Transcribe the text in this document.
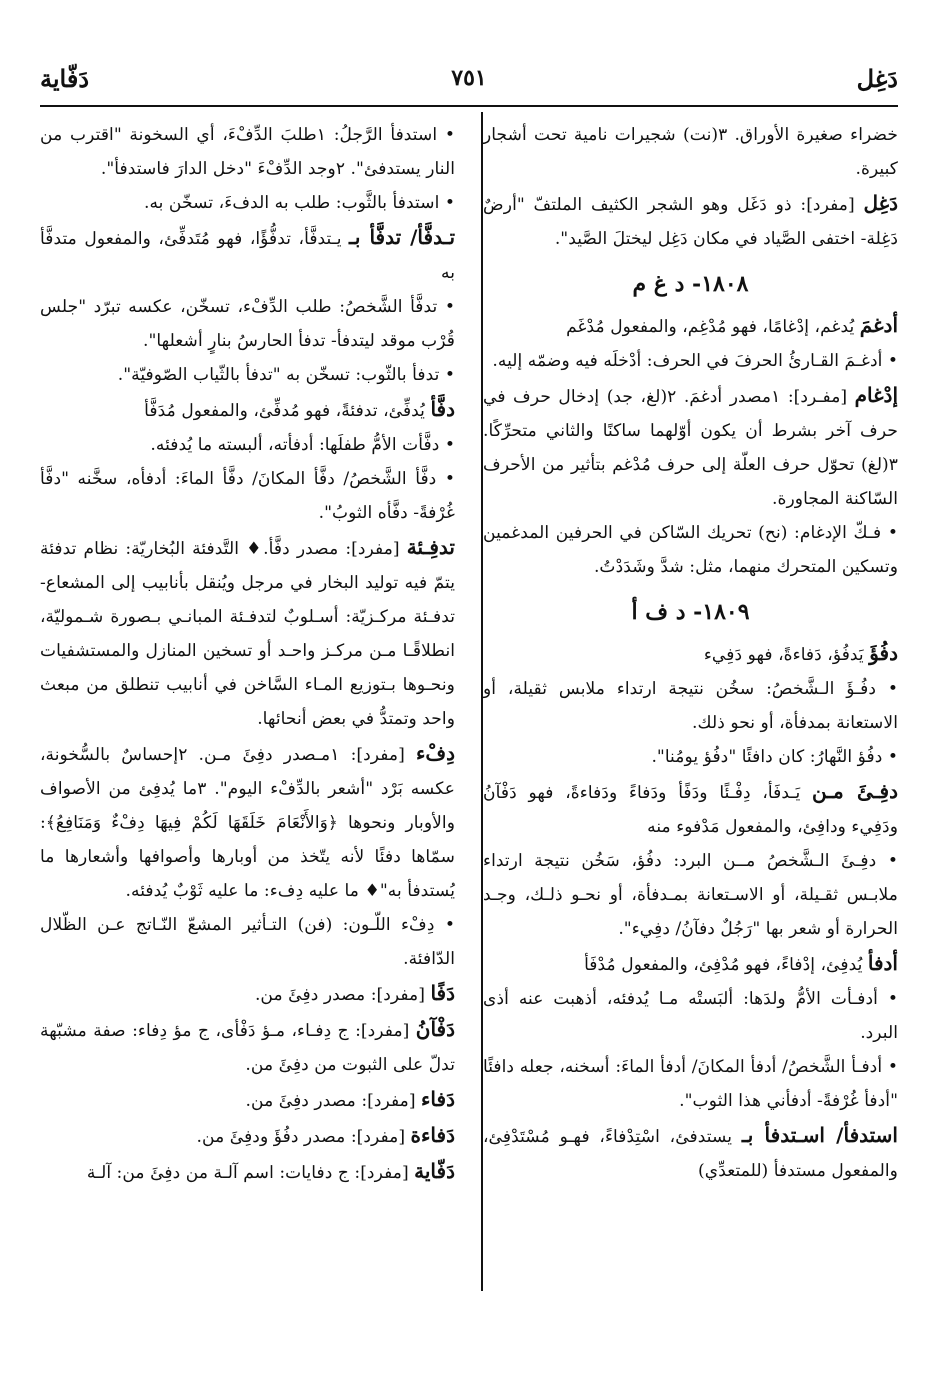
دَغِل
٧٥١
دَفّاية

خضراء صغيرة الأوراق. ٣(نت) شجيرات نامية تحت أشجار كبيرة.

دَغِل [مفرد]: ذو دَغَل وهو الشجر الكثيف الملتفّ "أرضٌ دَغِلة- اختفى الصَّياد في مكان دَغِل ليختلَ الصَّيد".

١٨٠٨- د غ م

أدغمَ يُدغم، إدْغامًا، فهو مُدْغِم، والمفعول مُدْغَم

• أدغـمَ القـارئُ الحرفَ في الحرف: أدْخلَه فيه وضمّه إليه.

إدْغام [مفـرد]: ١مصدر أدغمَ. ٢(لغ، جد) إدخال حرف في حرف آخر بشرط أن يكون أوّلهما ساكنًا والثاني متحرِّكًا. ٣(لغ) تحوّل حرف العلّة إلى حرف مُدْغم بتأثير من الأحرف السّاكنة المجاورة.

• فـكّ الإدغام: (نح) تحريك السّاكن في الحرفين المدغمين وتسكين المتحرك منهما، مثل: شدَّ وشَدَدْتُ.

١٨٠٩- د ف أ

دفُؤَ يَدفُؤ، دَفاءةً، فهو دَفِيء

• دفُـؤَ الـشَّخصُ: سخُن نتيجة ارتداء ملابس ثقيلة، أو الاستعانة بمدفأة، أو نحو ذلك.

• دفُؤ النَّهارُ: كان دافئًا "دفُؤ يومُنا".

دفِـئَ مـن يَـدفَأ، دِفْـئًا ودَفًأ ودَفاءً ودَفاءةً، فهو دَفْآنُ ودَفِيء ودافِئ، والمفعول مَدْفوء منه

• دفِـئَ الـشَّخصُ مــن البرد: دفُؤ، سَخُن نتيجة ارتداء ملابـس ثقـيلة، أو الاسـتعانة بمـدفأة، أو نحـو ذلـك، وجـد الحرارة أو شعر بها "رَجُلٌ دفآنُ/ دفِيء".

أدفأ يُدفِئ، إدْفاءً، فهو مُدْفِئ، والمفعول مُدْفَأ

• أدفـأت الأمُّ ولدَها: ألبَستْه مـا يُدفئه، أذهبت عنه أذى البرد.

• أدفـأ الشَّخصُ/ أدفأ المكانَ/ أدفأ الماءَ: أسخنه، جعله دافئًا "أدفأ غُرْفةً- أدفأني هذا الثوب".

استدفأ/ اسـتدفأ بـ يستدفئ، اسْتِدْفاءً، فهـو مُسْتَدْفِئ، والمفعول مستدفأ (للمتعدِّي)

• استدفأ الرَّجلُ: ١طلبَ الدِّفْءَ، أي السخونة "اقترب من النار يستدفئ". ٢وجد الدِّفْءَ "دخل الدارَ فاستدفأ".

• استدفأ بالثَّوب: طلب به الدفءَ، تسخّن به.

تـدفَّأ/ تدفَّأ بـ يـتدفَّأ، تدفُّؤًا، فهو مُتَدفِّئ، والمفعول متدفَّأ به

• تدفَّأ الشَّخصُ: طلب الدِّفْء، تسخّن، عكسه تبرّد "جلس قُرْب موقد ليتدفأ- تدفأ الحارسُ بنارٍ أشعلها".

• تدفأ بالثّوب: تسخّن به "تدفأ بالثّياب الصّوفيّة".

دفَّأ يُدفِّئ، تدفئةً، فهو مُدفِّئ، والمفعول مُدَفَّأ

• دفَّأت الأمُّ طفلَها: أدفأته، ألبسته ما يُدفئه.

• دفَّأ الشَّخصُ/ دفَّأ المكانَ/ دفَّأ الماءَ: أدفأه، سخَّنه "دفَّأ غُرْفةً- دفَّأه الثوبُ".

تدفِـئة [مفرد]: مصدر دفَّأ.♦ التَّدفئة البُخاريّة: نظام تدفئة يتمّ فيه توليد البخار في مرجل ويُنقل بأنابيب إلى المشعاع- تدفـئة مركـزيّة: أسـلوبٌ لتدفـئة المبانـي بـصورة شـموليّة، انطلاقًـا مـن مركـز واحـد أو تسخين المنازل والمستشفيات ونحـوها بـتوزيع المـاء السَّاخن في أنابيب تنطلق من مبعث واحد وتمتدُّ في بعض أنحائها.

دِفْء [مفرد]: ١مـصدر دفِئَ مـن. ٢إحساسٌ بالسُّخونة، عكسه بَرْد "أشعر بالدِّفْء اليوم". ٣ما يُدفِئ من الأصواف والأوبار ونحوها ﴿وَالأَنْعَامَ خَلَقَهَا لَكُمْ فِيهَا دِفْءٌ وَمَنَافِعُ﴾: سمّاها دفئًا لأنه يتّخذ من أوبارها وأصوافها وأشعارها ما يُستدفأ به"♦ ما عليه دِفء: ما عليه ثَوْبٌ يُدفئه.

• دِفْء اللّـون: (فن) التـأثير المشعّ النّـاتج عـن الظّلال الدّافئة.

دَفًا [مفرد]: مصدر دفِئَ من.

دَفْآنُ [مفرد]: ج دِفـاء، مـؤ دَفْأى، ج مؤ دِفاء: صفة مشبّهة تدلّ على الثبوت من دفِئَ من.

دَفاء [مفرد]: مصدر دفِئَ من.

دَفاءة [مفرد]: مصدر دفُؤَ ودفِئَ من.

دَفّاية [مفرد]: ج دفايات: اسم آلـة من دفِئَ من: آلـة
